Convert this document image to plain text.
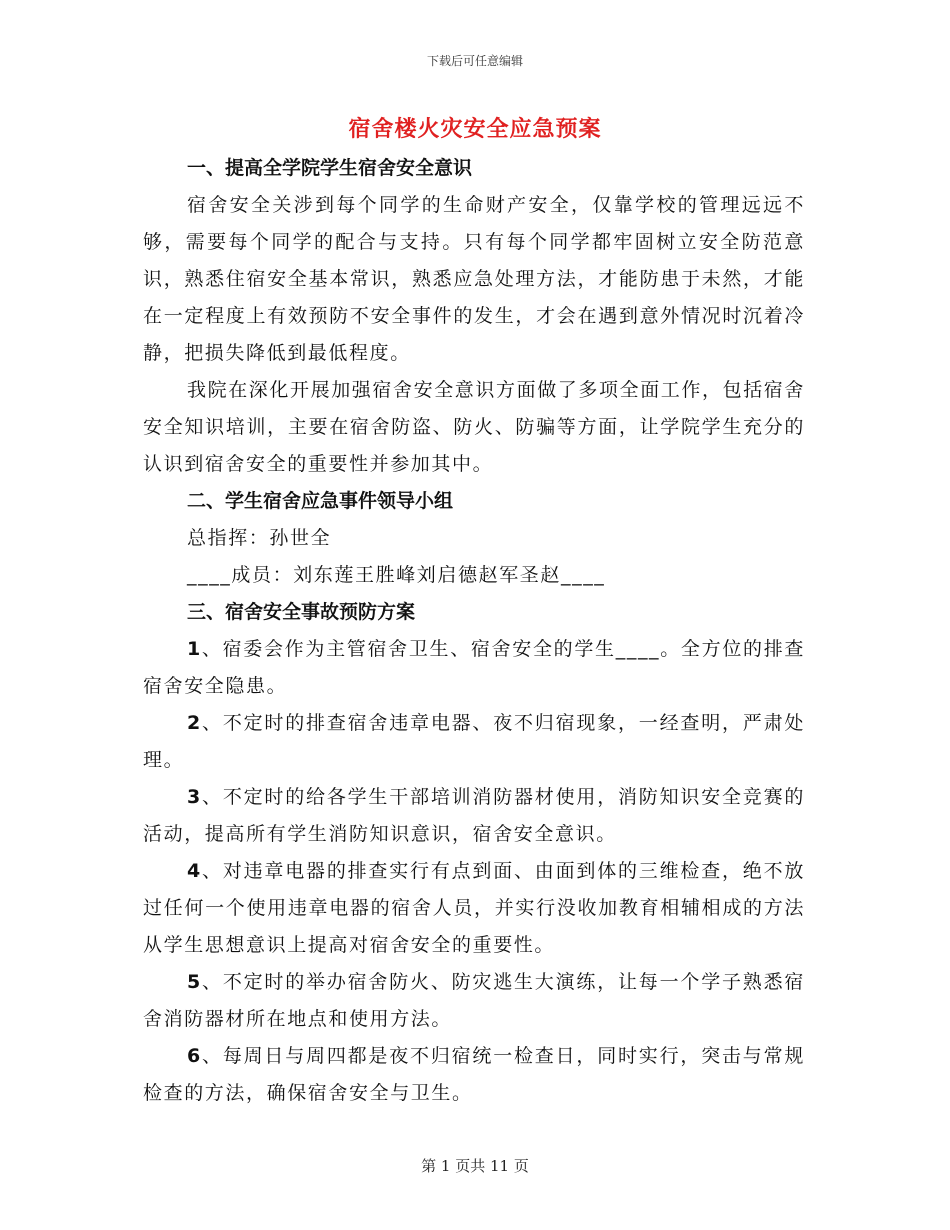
下载后可任意编辑
宿舍楼火灾安全应急预案

一、提高全学院学生宿舍安全意识

宿舍安全关涉到每个同学的生命财产安全，仅靠学校的管理远远不够，需要每个同学的配合与支持。只有每个同学都牢固树立安全防范意识，熟悉住宿安全基本常识，熟悉应急处理方法，才能防患于未然，才能在一定程度上有效预防不安全事件的发生，才会在遇到意外情况时沉着冷静，把损失降低到最低程度。

我院在深化开展加强宿舍安全意识方面做了多项全面工作，包括宿舍安全知识培训，主要在宿舍防盗、防火、防骗等方面，让学院学生充分的认识到宿舍安全的重要性并参加其中。

二、学生宿舍应急事件领导小组

总指挥：孙世全

____成员：刘东莲王胜峰刘启德赵军圣赵____

三、宿舍安全事故预防方案

1、宿委会作为主管宿舍卫生、宿舍安全的学生____。全方位的排查宿舍安全隐患。

2、不定时的排查宿舍违章电器、夜不归宿现象，一经查明，严肃处理。

3、不定时的给各学生干部培训消防器材使用，消防知识安全竞赛的活动，提高所有学生消防知识意识，宿舍安全意识。

4、对违章电器的排查实行有点到面、由面到体的三维检查，绝不放过任何一个使用违章电器的宿舍人员，并实行没收加教育相辅相成的方法从学生思想意识上提高对宿舍安全的重要性。

5、不定时的举办宿舍防火、防灾逃生大演练，让每一个学子熟悉宿舍消防器材所在地点和使用方法。

6、每周日与周四都是夜不归宿统一检查日，同时实行，突击与常规检查的方法，确保宿舍安全与卫生。

第 1 页共 11 页
